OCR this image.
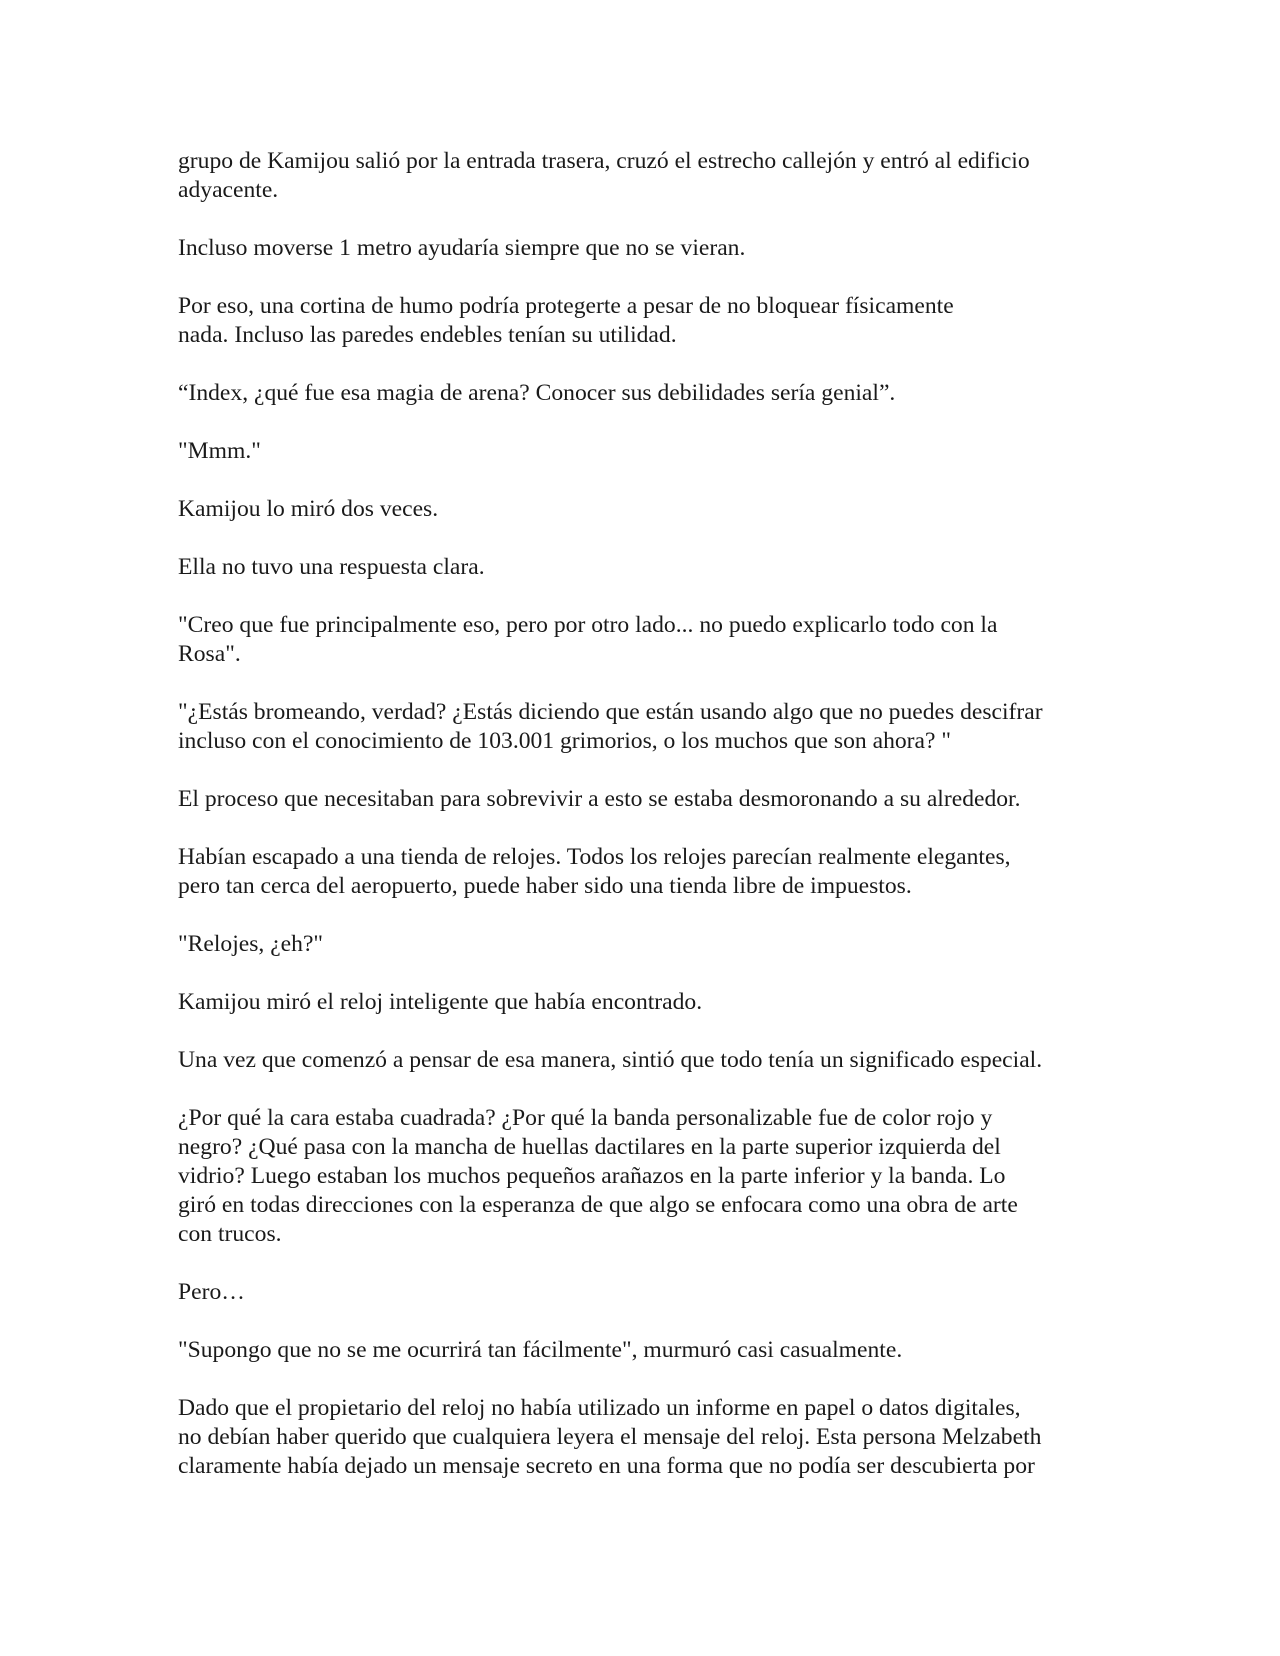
grupo de Kamijou salió por la entrada trasera, cruzó el estrecho callejón y entró al edificio
adyacente.

Incluso moverse 1 metro ayudaría siempre que no se vieran.

Por eso, una cortina de humo podría protegerte a pesar de no bloquear físicamente
nada. Incluso las paredes endebles tenían su utilidad.

“Index, ¿qué fue esa magia de arena? Conocer sus debilidades sería genial”.

"Mmm."

Kamijou lo miró dos veces.

Ella no tuvo una respuesta clara.

"Creo que fue principalmente eso, pero por otro lado... no puedo explicarlo todo con la
Rosa".

"¿Estás bromeando, verdad? ¿Estás diciendo que están usando algo que no puedes descifrar
incluso con el conocimiento de 103.001 grimorios, o los muchos que son ahora? "

El proceso que necesitaban para sobrevivir a esto se estaba desmoronando a su alrededor.

Habían escapado a una tienda de relojes. Todos los relojes parecían realmente elegantes,
pero tan cerca del aeropuerto, puede haber sido una tienda libre de impuestos.

"Relojes, ¿eh?"

Kamijou miró el reloj inteligente que había encontrado.

Una vez que comenzó a pensar de esa manera, sintió que todo tenía un significado especial.

¿Por qué la cara estaba cuadrada? ¿Por qué la banda personalizable fue de color rojo y
negro? ¿Qué pasa con la mancha de huellas dactilares en la parte superior izquierda del
vidrio? Luego estaban los muchos pequeños arañazos en la parte inferior y la banda. Lo
giró en todas direcciones con la esperanza de que algo se enfocara como una obra de arte
con trucos.

Pero…

"Supongo que no se me ocurrirá tan fácilmente", murmuró casi casualmente.

Dado que el propietario del reloj no había utilizado un informe en papel o datos digitales,
no debían haber querido que cualquiera leyera el mensaje del reloj. Esta persona Melzabeth
claramente había dejado un mensaje secreto en una forma que no podía ser descubierta por
